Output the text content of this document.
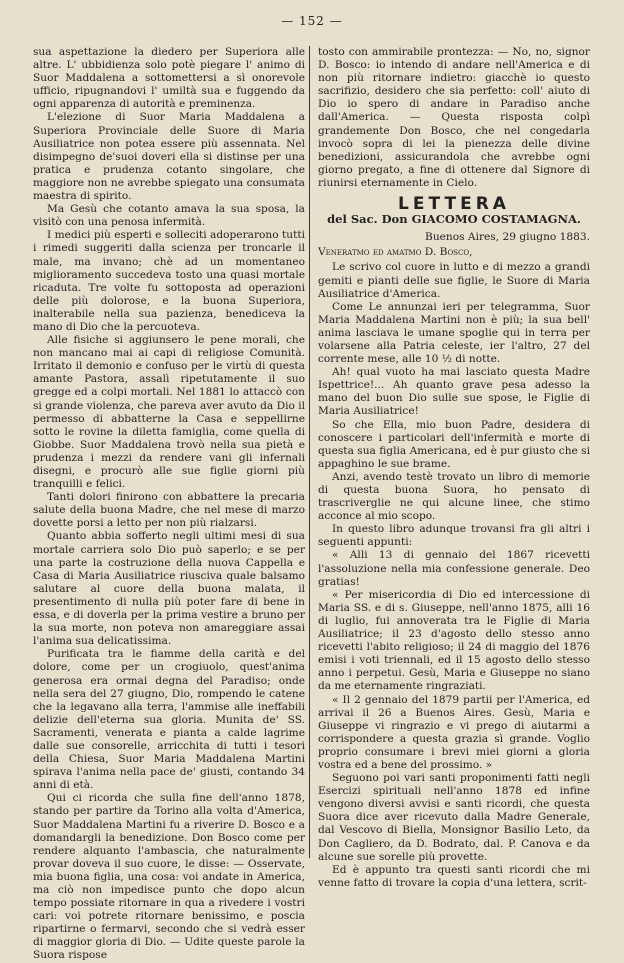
— 152 —

sua aspettazione la diedero per Superiora alle altre. L' ubbidienza solo potè piegare l' animo di Suor Maddalena a sottomettersi a sì onorevole ufficio, ripugnandovi l' umiltà sua e fuggendo da ogni apparenza di autorità e preminenza.

L'elezione di Suor Maria Maddalena a Superiora Provinciale delle Suore di Maria Ausiliatrice non potea essere più assennata. Nel disimpegno de'suoi doveri ella si distinse per una pratica e prudenza cotanto singolare, che maggiore non ne avrebbe spiegato una consumata maestra di spirito.

Ma Gesù che cotanto amava la sua sposa, la visitò con una penosa infermità.

I medici più esperti e solleciti adoperarono tutti i rimedi suggeriti dalla scienza per troncarle il male, ma invano; chè ad un momentaneo miglioramento succedeva tosto una quasi mortale ricaduta. Tre volte fu sottoposta ad operazioni delle più dolorose, e la buona Superiora, inalterabile nella sua pazienza, benediceva la mano di Dio che la percuoteva.

Alle fisiche si aggiunsero le pene morali, che non mancano mai ai capi di religiose Comunità. Irritato il demonio e confuso per le virtù di questa amante Pastora, assalì ripetutamente il suo gregge ed a colpi mortali. Nel 1881 lo attaccò con si grande violenza, che pareva aver avuto da Dio il permesso di abbatterne la Casa e seppellirne sotto le rovine la diletta famiglia, come quella di Giobbe. Suor Maddalena trovò nella sua pietà e prudenza i mezzi da rendere vani gli infernali disegni, e procurò alle sue figlie giorni più tranquilli e felici.

Tanti dolori finirono con abbattere la precaria salute della buona Madre, che nel mese di marzo dovette porsi a letto per non più rialzarsi.

Quanto abbia sofferto negli ultimi mesi di sua mortale carriera solo Dio può saperlo; e se per una parte la costruzione della nuova Cappella e Casa di Maria Ausiliatrice riusciva quale balsamo salutare al cuore della buona malata, il presentimento di nulla più poter fare di bene in essa, e di doverla per la prima vestire a bruno per la sua morte, non poteva non amareggiare assai l'anima sua delicatissima.

Purificata tra le fiamme della carità e del dolore, come per un crogiuolo, quest'anima generosa era ormai degna del Paradiso; onde nella sera del 27 giugno, Dio, rompendo le catene che la legavano alla terra, l'ammise alle ineffabili delizie dell'eterna sua gloria. Munita de' SS. Sacramenti, venerata e pianta a calde lagrime dalle sue consorelle, arricchita di tutti i tesori della Chiesa, Suor Maria Maddalena Martini spirava l'anima nella pace de' giusti, contando 34 anni di età.

Qui ci ricorda che sulla fine dell'anno 1878, stando per partire da Torino alla volta d'America, Suor Maddalena Martini fu a riverire D. Bosco e a domandargli la benedizione. Don Bosco come per rendere alquanto l'ambascia, che naturalmente provar doveva il suo cuore, le disse: — Osservate, mia buona figlia, una cosa: voi andate in America, ma ciò non impedisce punto che dopo alcun tempo possiate ritornare in qua a rivedere i vostri cari: voi potrete ritornare benissimo, e poscia ripartirne o fermarvi, secondo che si vedrà esser di maggior gloria di Dio. — Udite queste parole la Suora rispose

tosto con ammirabile prontezza: — No, no, signor D. Bosco: io intendo di andare nell'America e di non più ritornare indietro: giacchè io questo sacrifizio, desidero che sia perfetto: coll' aiuto di Dio io spero di andare in Paradiso anche dall'America. — Questa risposta colpì grandemente Don Bosco, che nel congedarla invocò sopra di lei la pienezza delle divine benedizioni, assicurandola che avrebbe ogni giorno pregato, a fine di ottenere dal Signore di riunirsi eternamente in Cielo.

LETTERA
del Sac. Don GIACOMO COSTAMAGNA.
Buenos Aires, 29 giugno 1883.
Veneratmo ed amatmo D. Bosco,

Le scrivo col cuore in lutto e di mezzo a grandi gemiti e pianti delle sue figlie, le Suore di Maria Ausiliatrice d'America.

Come Le annunzai ieri per telegramma, Suor Maria Maddalena Martini non è più; la sua bell' anima lasciava le umane spoglie qui in terra per volarsene alla Patria celeste, ier l'altro, 27 del corrente mese, alle 10 ½ di notte.

Ah! qual vuoto ha mai lasciato questa Madre Ispettrice!... Ah quanto grave pesa adesso la mano del buon Dio sulle sue spose, le Figlie di Maria Ausiliatrice!

So che Ella, mio buon Padre, desidera di conoscere i particolari dell'infermità e morte di questa sua figlia Americana, ed è pur giusto che si appaghino le sue brame.

Anzi, avendo testè trovato un libro di memorie di questa buona Suora, ho pensato di trascriverglie ne qui alcune linee, che stimo acconce al mio scopo.

In questo libro adunque trovansi fra gli altri i seguenti appunti:

« Alli 13 di gennaio del 1867 ricevetti l'assoluzione nella mia confessione generale. Deo gratias!

« Per misericordia di Dio ed intercessione di Maria SS. e di s. Giuseppe, nell'anno 1875, alli 16 di luglio, fui annoverata tra le Figlie di Maria Ausiliatrice; il 23 d'agosto dello stesso anno ricevetti l'abito religioso; il 24 di maggio del 1876 emisi i voti triennali, ed il 15 agosto dello stesso anno i perpetui. Gesù, Maria e Giuseppe no siano da me eternamente ringraziati.

« Il 2 gennaio del 1879 partii per l'America, ed arrivai il 26 a Buenos Aires. Gesù, Maria e Giuseppe vi ringrazio e vi prego di aiutarmi a corrispondere a questa grazia sì grande. Voglio proprio consumare i brevi miei giorni a gloria vostra ed a bene del prossimo. »

Seguono poi vari santi proponimenti fatti negli Esercizi spirituali nell'anno 1878 ed infine vengono diversi avvisi e santi ricordi, che questa Suora dice aver ricevuto dalla Madre Generale, dal Vescovo di Biella, Monsignor Basilio Leto, da Don Cagliero, da D. Bodrato, dal. P. Canova e da alcune sue sorelle più provette.

Ed è appunto tra questi santi ricordi che mi venne fatto di trovare la copia d'una lettera, scrit-
